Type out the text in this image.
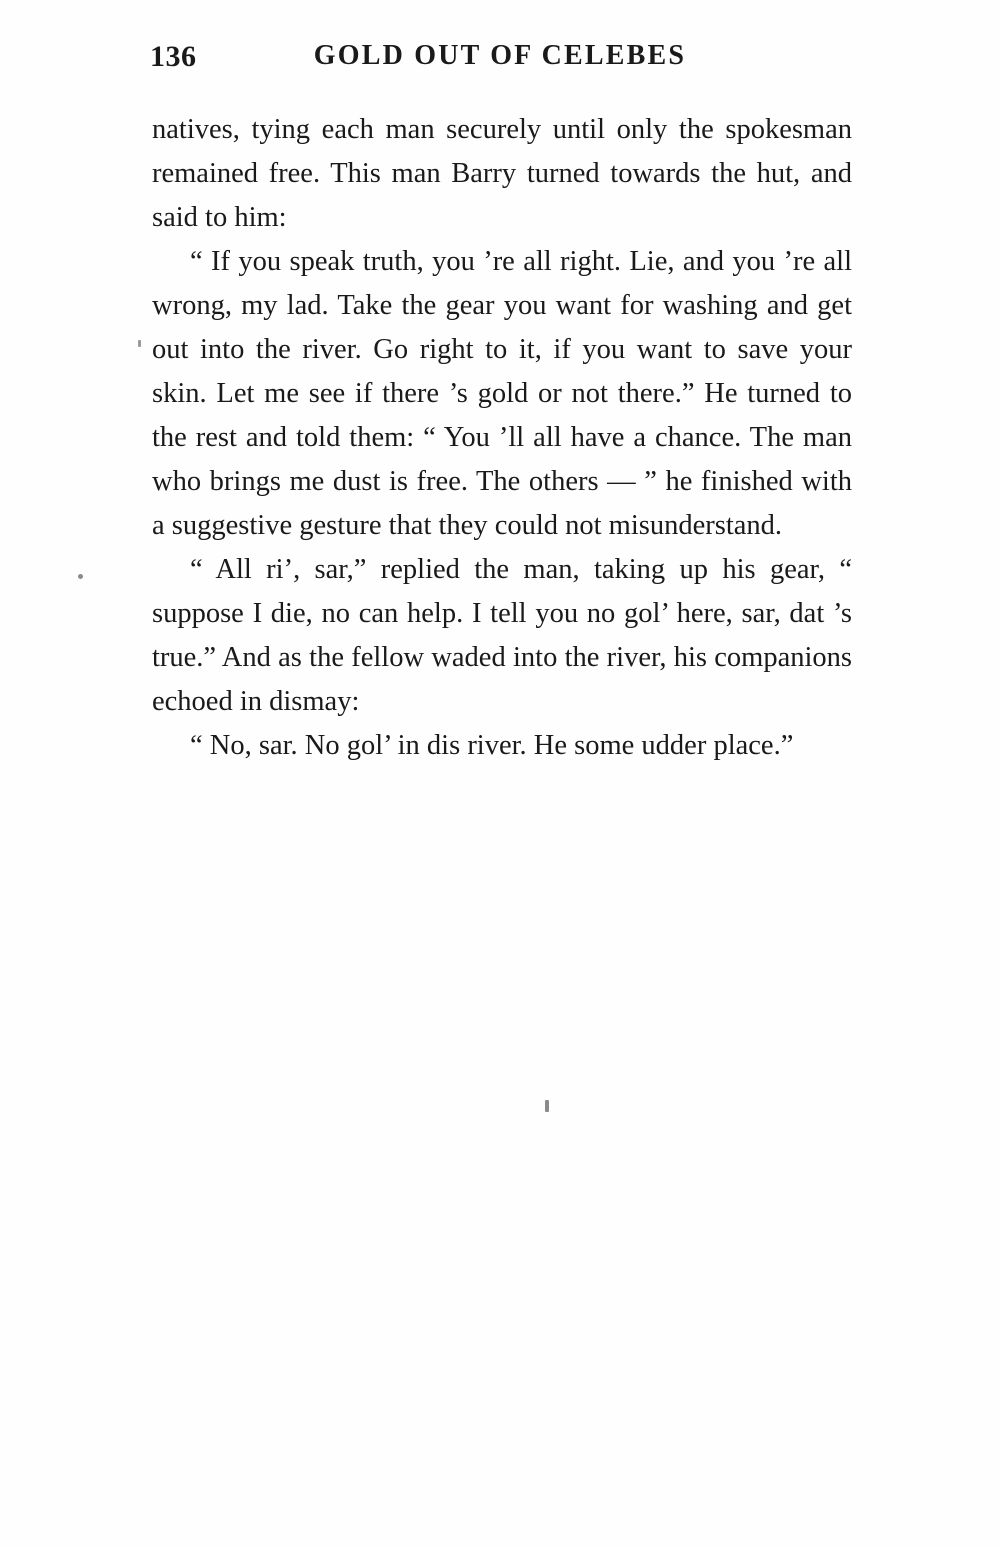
136	GOLD OUT OF CELEBES

natives, tying each man securely until only the spokesman remained free. This man Barry turned towards the hut, and said to him:

“ If you speak truth, you ’re all right. Lie, and you ’re all wrong, my lad. Take the gear you want for washing and get out into the river. Go right to it, if you want to save your skin. Let me see if there ’s gold or not there.” He turned to the rest and told them: “ You ’ll all have a chance. The man who brings me dust is free. The others — ” he finished with a suggestive gesture that they could not misunderstand.

“ All ri’, sar,” replied the man, taking up his gear, “ suppose I die, no can help. I tell you no gol’ here, sar, dat ’s true.” And as the fellow waded into the river, his companions echoed in dismay:

“ No, sar. No gol’ in dis river. He some udder place.”
